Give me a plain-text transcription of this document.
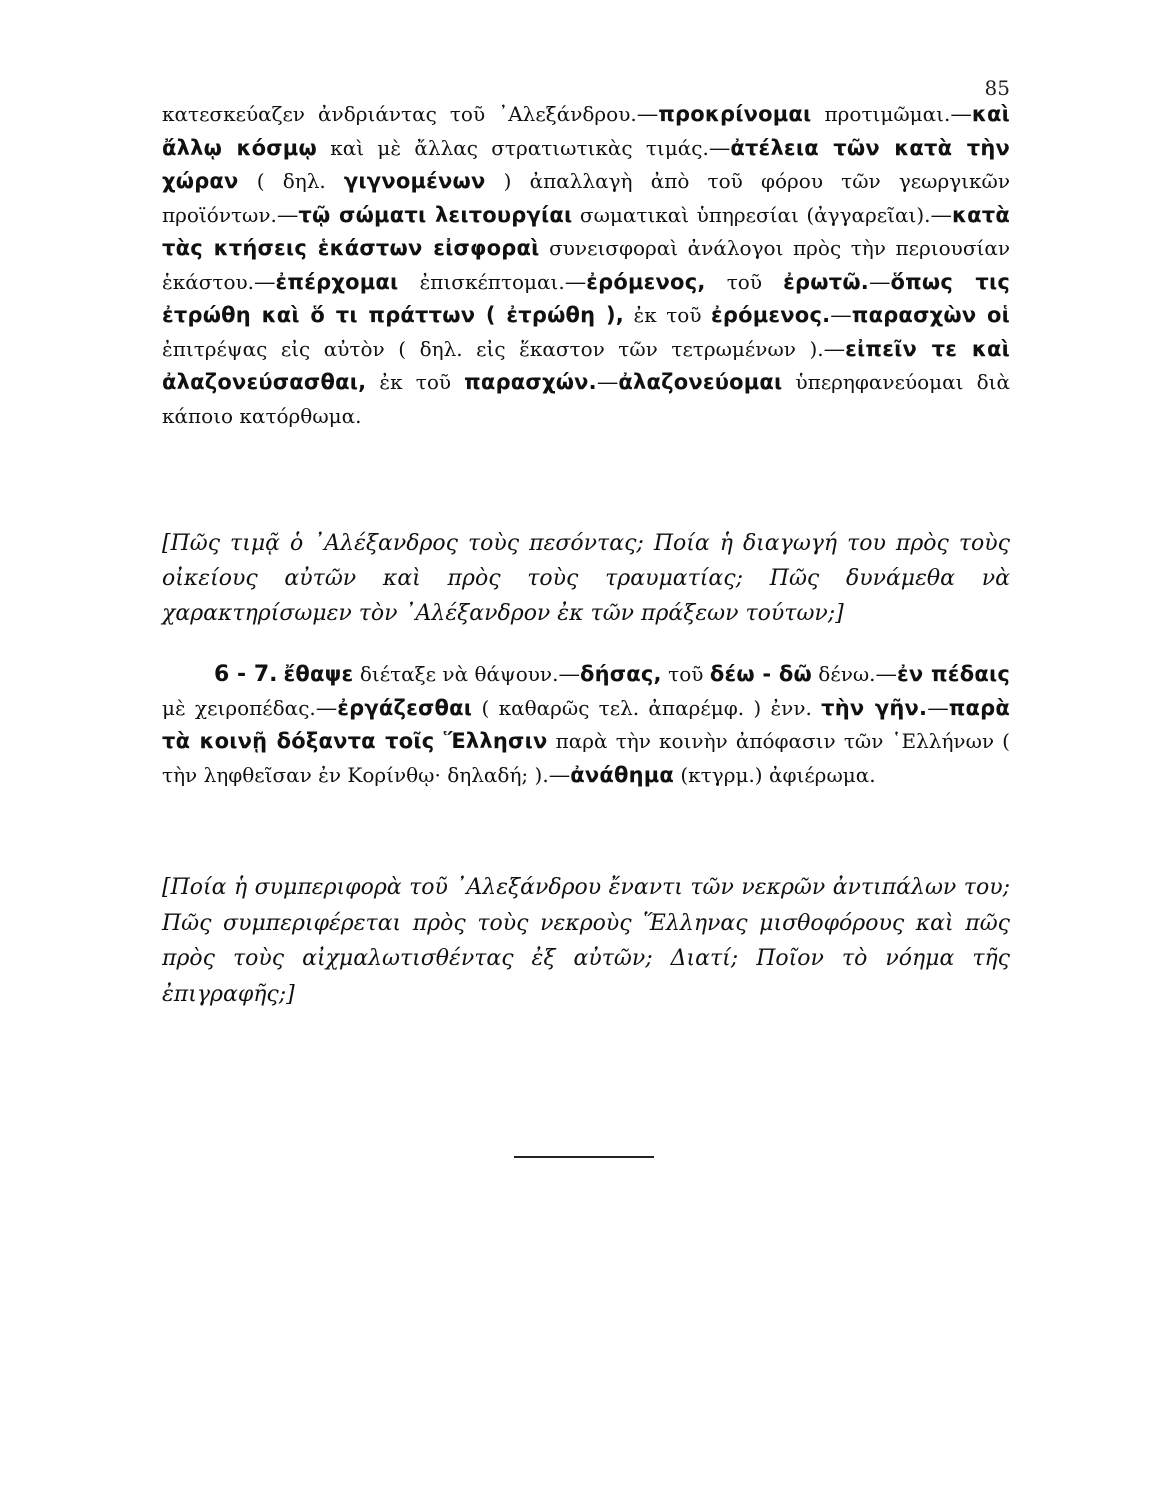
85
κατεσκεύαζεν ἀνδριάντας τοῦ ᾿Αλεξάνδρου.—προκρίνομαι προτιμῶμαι.—καὶ ἄλλῳ κόσμῳ καὶ μὲ ἄλλας στρατιωτικὰς τιμάς.—ἀτέλεια τῶν κατὰ τὴν χώραν ( δηλ. γιγνομένων ) ἀπαλλαγὴ ἀπὸ τοῦ φόρου τῶν γεωργικῶν προϊόντων.—τῷ σώματι λειτουργίαι σωματικαὶ ὑπηρεσίαι (ἀγγαρεῖαι).—κατὰ τὰς κτήσεις ἑκάστων εἰσφοραὶ συνεισφοραὶ ἀνάλογοι πρὸς τὴν περιουσίαν ἑκάστου.—ἐπέρχομαι ἐπισκέπτομαι.—ἐρόμενος, τοῦ ἐρωτῶ.—ὅπως τις ἐτρώθη καὶ ὅ τι πράττων ( ἐτρώθη ), ἐκ τοῦ ἐρόμενος.—παρασχὼν οἱ ἐπιτρέψας εἰς αὐτὸν ( δηλ. εἰς ἕκαστον τῶν τετρωμένων ).—εἰπεῖν τε καὶ ἀλαζονεύσασθαι, ἐκ τοῦ παρασχών.—ἀλαζονεύομαι ὑπερηφανεύομαι διὰ κάποιο κατόρθωμα.
[Πῶς τιμᾷ ὁ ᾿Αλέξανδρος τοὺς πεσόντας; Ποία ἡ διαγωγή του πρὸς τοὺς οἰκείους αὐτῶν καὶ πρὸς τοὺς τραυματίας; Πῶς δυνάμεθα νὰ χαρακτηρίσωμεν τὸν ᾿Αλέξανδρον ἐκ τῶν πράξεων τούτων;]
6 - 7. ἔθαψε διέταξε νὰ θάψουν.—δήσας, τοῦ δέω - δῶ δένω.—ἐν πέδαις μὲ χειροπέδας.—ἐργάζεσθαι ( καθαρῶς τελ. ἀπαρέμφ. ) ἐνν. τὴν γῆν.—παρὰ τὰ κοινῇ δόξαντα τοῖς Ἕλλησιν παρὰ τὴν κοινὴν ἀπόφασιν τῶν ῾Ελλήνων ( τὴν ληφθεῖσαν ἐν Κορίνθῳ· δηλαδή; ).—ἀνάθημα (κτγρμ.) ἀφιέρωμα.
[Ποία ἡ συμπεριφορὰ τοῦ ᾿Αλεξάνδρου ἔναντι τῶν νεκρῶν ἀντιπάλων του; Πῶς συμπεριφέρεται πρὸς τοὺς νεκροὺς Ἕλληνας μισθοφόρους καὶ πῶς πρὸς τοὺς αἰχμαλωτισθέντας ἐξ αὐτῶν; Διατί; Ποῖον τὸ νόημα τῆς ἐπιγραφῆς;]
